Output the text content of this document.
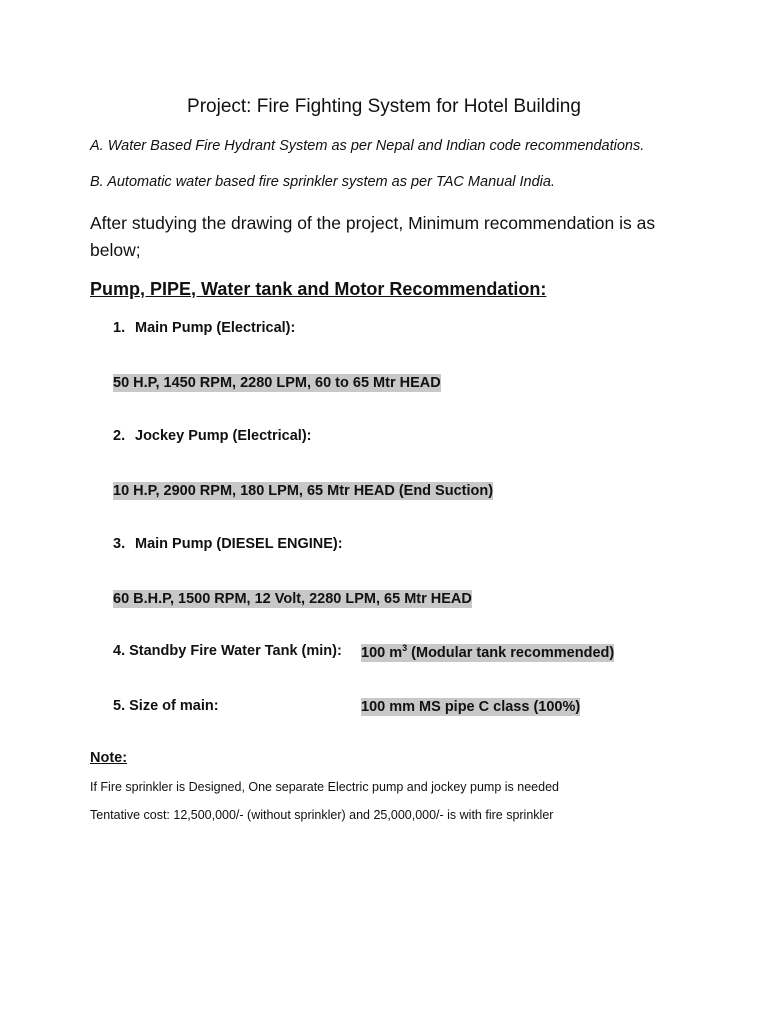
Project: Fire Fighting System for Hotel Building
A. Water Based Fire Hydrant System as per Nepal and Indian code recommendations.
B. Automatic water based fire sprinkler system as per TAC Manual India.
After studying the drawing of the project, Minimum recommendation is as below;
Pump, PIPE, Water tank and Motor Recommendation:
1. Main Pump (Electrical):
50 H.P, 1450 RPM, 2280 LPM, 60 to 65 Mtr HEAD
2. Jockey Pump (Electrical):
10 H.P, 2900 RPM, 180 LPM, 65 Mtr HEAD (End Suction)
3. Main Pump (DIESEL ENGINE):
60 B.H.P, 1500 RPM, 12 Volt, 2280 LPM, 65 Mtr HEAD
4. Standby Fire Water Tank (min): 100 $m^3$ (Modular tank recommended)
5. Size of main:	100 mm MS pipe C class (100%)
Note:
If Fire sprinkler is Designed, One separate Electric pump and jockey pump is needed
Tentative cost: 12,500,000/- (without sprinkler) and 25,000,000/- is with fire sprinkler
